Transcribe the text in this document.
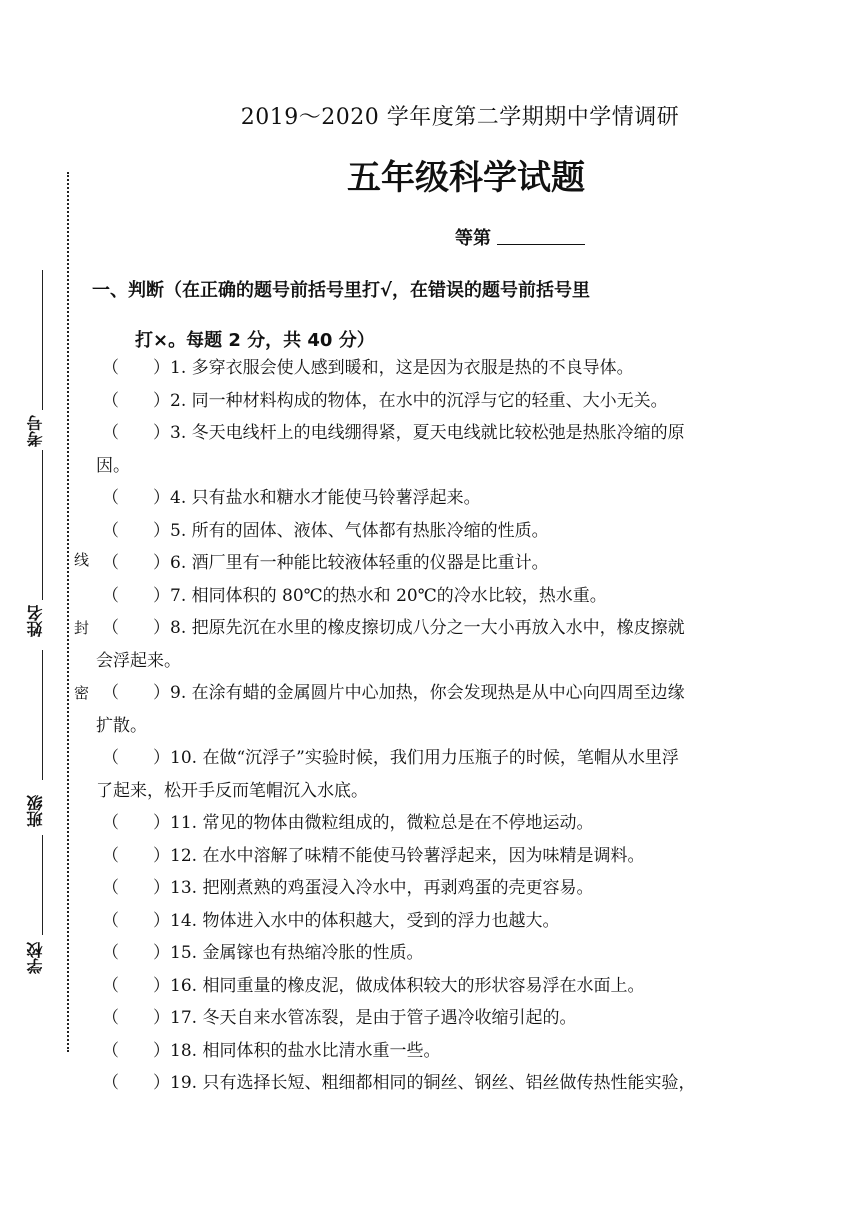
线
封
密
考号
姓名
班级
学校
2019～2020 学年度第二学期期中学情调研
五年级科学试题
等第
一、判断（在正确的题号前括号里打√，在错误的题号前括号里
打×。每题 2 分，共 40 分）
（　　）1. 多穿衣服会使人感到暖和，这是因为衣服是热的不良导体。
（　　）2. 同一种材料构成的物体，在水中的沉浮与它的轻重、大小无关。
（　　）3. 冬天电线杆上的电线绷得紧，夏天电线就比较松弛是热胀冷缩的原
因。
（　　）4. 只有盐水和糖水才能使马铃薯浮起来。
（　　）5. 所有的固体、液体、气体都有热胀冷缩的性质。
（　　）6. 酒厂里有一种能比较液体轻重的仪器是比重计。
（　　）7. 相同体积的 80℃的热水和 20℃的冷水比较，热水重。
（　　）8. 把原先沉在水里的橡皮擦切成八分之一大小再放入水中，橡皮擦就
会浮起来。
（　　）9. 在涂有蜡的金属圆片中心加热，你会发现热是从中心向四周至边缘
扩散。
（　　）10. 在做“沉浮子”实验时候，我们用力压瓶子的时候，笔帽从水里浮
了起来，松开手反而笔帽沉入水底。
（　　）11. 常见的物体由微粒组成的，微粒总是在不停地运动。
（　　）12. 在水中溶解了味精不能使马铃薯浮起来，因为味精是调料。
（　　）13. 把刚煮熟的鸡蛋浸入冷水中，再剥鸡蛋的壳更容易。
（　　）14. 物体进入水中的体积越大，受到的浮力也越大。
（　　）15. 金属镓也有热缩冷胀的性质。
（　　）16. 相同重量的橡皮泥，做成体积较大的形状容易浮在水面上。
（　　）17. 冬天自来水管冻裂，是由于管子遇冷收缩引起的。
（　　）18. 相同体积的盐水比清水重一些。
（　　）19. 只有选择长短、粗细都相同的铜丝、钢丝、铝丝做传热性能实验，
